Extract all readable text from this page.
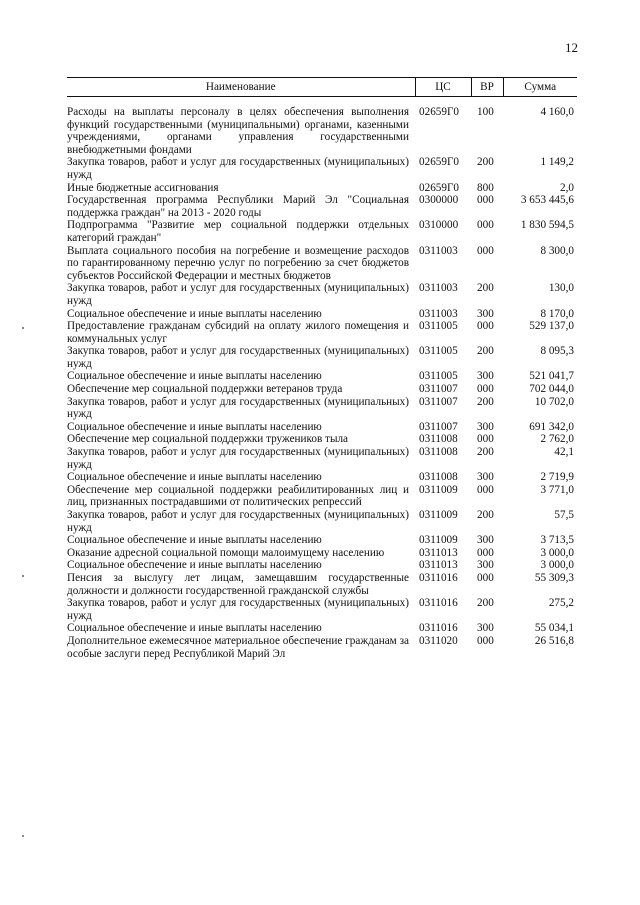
12
Наименование	ЦС	ВР	Сумма
Расходы на выплаты персоналу в целях обеспечения выполнения функций государственными (муниципальными) органами, казенными учреждениями, органами управления государственными внебюджетными фондами	02659Г0	100	4 160,0
Закупка товаров, работ и услуг для государственных (муниципальных) нужд	02659Г0	200	1 149,2
Иные бюджетные ассигнования	02659Г0	800	2,0
Государственная программа Республики Марий Эл "Социальная поддержка граждан" на 2013 - 2020 годы	0300000	000	3 653 445,6
Подпрограмма "Развитие мер социальной поддержки отдельных категорий граждан"	0310000	000	1 830 594,5
Выплата социального пособия на погребение и возмещение расходов по гарантированному перечню услуг по погребению за счет бюджетов субъектов Российской Федерации и местных бюджетов	0311003	000	8 300,0
Закупка товаров, работ и услуг для государственных (муниципальных) нужд	0311003	200	130,0
Социальное обеспечение и иные выплаты населению	0311003	300	8 170,0
Предоставление гражданам субсидий на оплату жилого помещения и коммунальных услуг	0311005	000	529 137,0
Закупка товаров, работ и услуг для государственных (муниципальных) нужд	0311005	200	8 095,3
Социальное обеспечение и иные выплаты населению	0311005	300	521 041,7
Обеспечение мер социальной поддержки ветеранов труда	0311007	000	702 044,0
Закупка товаров, работ и услуг для государственных (муниципальных) нужд	0311007	200	10 702,0
Социальное обеспечение и иные выплаты населению	0311007	300	691 342,0
Обеспечение мер социальной поддержки тружеников тыла	0311008	000	2 762,0
Закупка товаров, работ и услуг для государственных (муниципальных) нужд	0311008	200	42,1
Социальное обеспечение и иные выплаты населению	0311008	300	2 719,9
Обеспечение мер социальной поддержки реабилитированных лиц и лиц, признанных пострадавшими от политических репрессий	0311009	000	3 771,0
Закупка товаров, работ и услуг для государственных (муниципальных) нужд	0311009	200	57,5
Социальное обеспечение и иные выплаты населению	0311009	300	3 713,5
Оказание адресной социальной помощи малоимущему населению	0311013	000	3 000,0
Социальное обеспечение и иные выплаты населению	0311013	300	3 000,0
Пенсия за выслугу лет лицам, замещавшим государственные должности и должности государственной гражданской службы	0311016	000	55 309,3
Закупка товаров, работ и услуг для государственных (муниципальных) нужд	0311016	200	275,2
Социальное обеспечение и иные выплаты населению	0311016	300	55 034,1
Дополнительное ежемесячное материальное обеспечение гражданам за особые заслуги перед Республикой Марий Эл	0311020	000	26 516,8
